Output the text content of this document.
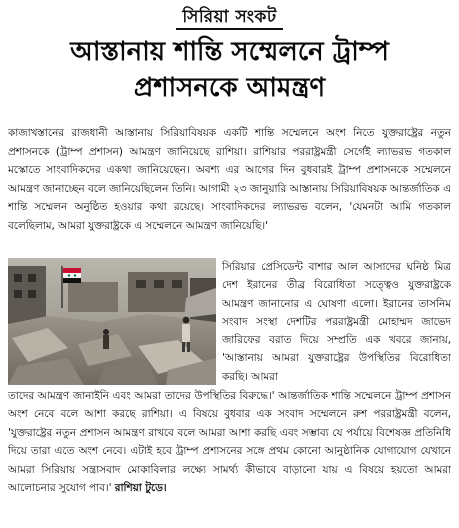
সিরিয়া সংকট
আস্তানায় শান্তি সম্মেলনে ট্রাম্প
প্রশাসনকে আমন্ত্রণ
কাজাখস্তানের রাজধানী আস্তানায় সিরিয়াবিষয়ক একটি শান্তি সম্মেলনে অংশ নিতে যুক্তরাষ্ট্রের নতুন প্রশাসনকে (ট্রাম্প প্রশাসন) আমন্ত্রণ জানিয়েছে রাশিয়া। রাশিয়ার পররাষ্ট্রমন্ত্রী সের্গেই ল্যাভরভ গতকাল মস্কোতে সাংবাদিকদের একথা জানিয়েছেন। অবশ্য এর আগের দিন বুধবারই ট্রাম্প প্রশাসনকে সম্মেলনে আমন্ত্রণ জানাচ্ছেন বলে জানিয়েছিলেন তিনি। আগামী ২৩ জানুয়ারি আস্তানায় সিরিয়াবিষয়ক আন্তর্জাতিক এ শান্তি সম্মেলন অনুষ্ঠিত হওয়ার কথা রয়েছে। সাংবাদিকদের ল্যাভরভ বলেন, 'যেমনটা আমি গতকাল বলেছিলাম, আমরা যুক্তরাষ্ট্রকে এ সম্মেলনে আমন্ত্রণ জানিয়েছি।'
সিরিয়ার প্রেসিডেন্ট বাশার আল আসাদের ঘনিষ্ঠ মিত্র দেশ ইরানের তীব্র বিরোধিতা সত্ত্বেও যুক্তরাষ্ট্রকে আমন্ত্রণ জানানোর এ ঘোষণা এলো। ইরানের তাসনিম সংবাদ সংস্থা দেশটির পররাষ্ট্রমন্ত্রী মোহাম্মদ জাভেদ জারিফের বরাত দিয়ে সম্প্রতি এক খবরে জানায়, 'আস্তানায় আমরা যুক্তরাষ্ট্রের উপস্থিতির বিরোধিতা করছি। আমরা
তাদের আমন্ত্রণ জানাইনি এবং আমরা তাদের উপস্থিতির বিরুদ্ধে।' আন্তর্জাতিক শান্তি সম্মেলনে ট্রাম্প প্রশাসন অংশ নেবে বলে আশা করছে রাশিয়া। এ বিষয়ে বুধবার এক সংবাদ সম্মেলনে রুশ পররাষ্ট্রমন্ত্রী বলেন, 'যুক্তরাষ্ট্রের নতুন প্রশাসন আমন্ত্রণ রাখবে বলে আমরা আশা করছি এবং সম্ভাব্য যে পর্যায়ে বিশেষজ্ঞ প্রতিনিধি দিয়ে তারা এতে অংশ নেবে। এটাই হবে ট্রাম্প প্রশাসনের সঙ্গে প্রথম কোনো আনুষ্ঠানিক যোগাযোগ যেখানে আমরা সিরিয়ায় সন্ত্রাসবাদ মোকাবিলার লক্ষ্যে সামর্থ্য কীভাবে বাড়ানো যায় এ বিষয়ে হয়তো আমরা আলোচনার সুযোগ পাব।' রাশিয়া টুডে।
